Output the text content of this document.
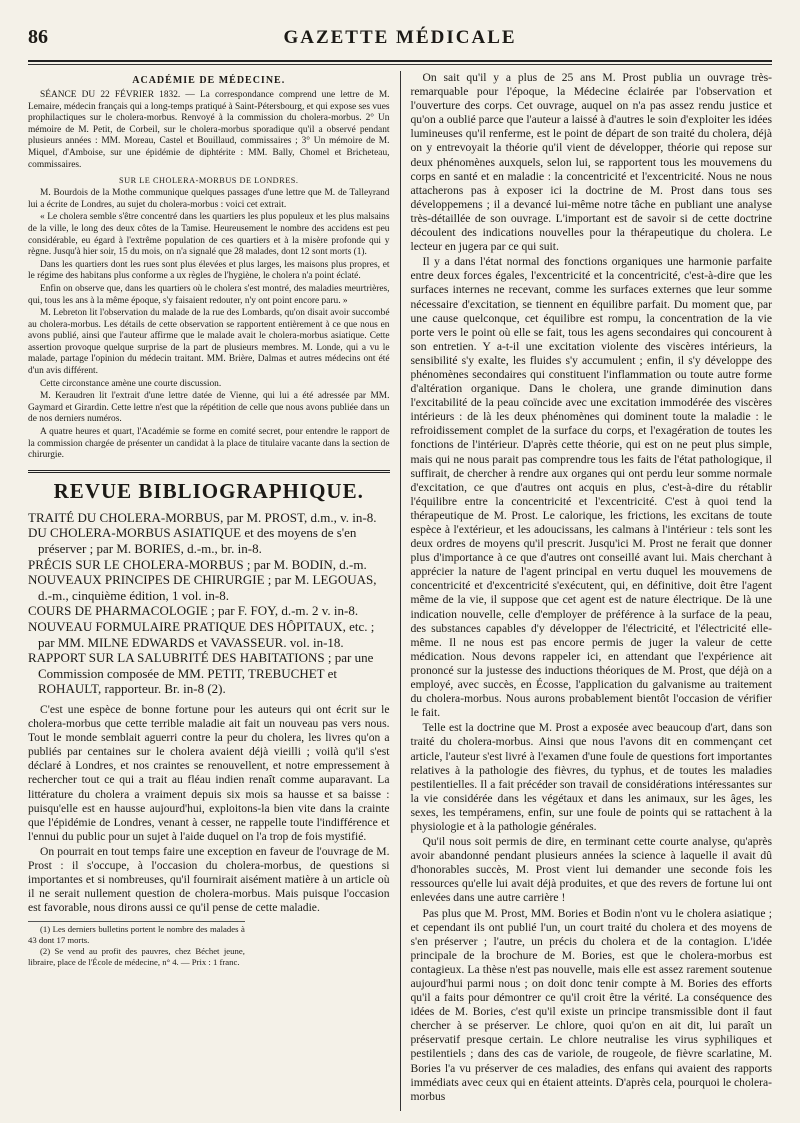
86	GAZETTE MÉDICALE
ACADÉMIE DE MÉDECINE.

SÉANCE DU 22 FÉVRIER 1832. — La correspondance comprend une lettre de M. Lemaire, médecin français qui a long-temps pratiqué à Saint-Pétersbourg, et qui expose ses vues prophilactiques sur le cholera-morbus. Renvoyé à la commission du cholera-morbus. 2° Un mémoire de M. Petit, de Corbeil, sur le cholera-morbus sporadique qu'il a observé pendant plusieurs années : MM. Moreau, Castel et Bouillaud, commissaires ; 3° Un mémoire de M. Miquel, d'Amboise, sur une épidémie de diphtérite : MM. Bally, Chomel et Bricheteau, commissaires.

SUR LE CHOLERA-MORBUS DE LONDRES.

M. Bourdois de la Mothe communique quelques passages d'une lettre que M. de Talleyrand lui a écrite de Londres, au sujet du cholera-morbus : voici cet extrait.

« Le cholera semble s'être concentré dans les quartiers les plus populeux et les plus malsains de la ville, le long des deux côtes de la Tamise. Heureusement le nombre des accidens est peu considérable, eu égard à l'extrême population de ces quartiers et à la misère profonde qui y règne. Jusqu'à hier soir, 15 du mois, on n'a signalé que 28 malades, dont 12 sont morts (1).

Dans les quartiers dont les rues sont plus élevées et plus larges, les maisons plus propres, et le régime des habitans plus conforme a ux règles de l'hygiène, le cholera n'a point éclaté.

Enfin on observe que, dans les quartiers où le cholera s'est montré, des maladies meurtrières, qui, tous les ans à la même époque, s'y faisaient redouter, n'y ont point encore paru. »

M. Lebreton lit l'observation du malade de la rue des Lombards, qu'on disait avoir succombé au cholera-morbus. Les détails de cette observation se rapportent entièrement à ce que nous en avons publié, ainsi que l'auteur affirme que le malade avait le cholera-morbus asiatique. Cette assertion provoque quelque surprise de la part de plusieurs membres. M. Londe, qui a vu le malade, partage l'opinion du médecin traitant. MM. Brière, Dalmas et autres médecins ont été d'un avis différent.

Cette circonstance amène une courte discussion.

M. Keraudren lit l'extrait d'une lettre datée de Vienne, qui lui a été adressée par MM. Gaymard et Girardin. Cette lettre n'est que la répétition de celle que nous avons publiée dans un de nos derniers numéros.

A quatre heures et quart, l'Académie se forme en comité secret, pour entendre le rapport de la commission chargée de présenter un candidat à la place de titulaire vacante dans la section de chirurgie.

REVUE BIBLIOGRAPHIQUE.

TRAITÉ DU CHOLERA-MORBUS, par M. PROST, d.m., v. in-8.

DU CHOLERA-MORBUS ASIATIQUE et des moyens de s'en préserver ; par M. BORIES, d.-m., br. in-8.

PRÉCIS SUR LE CHOLERA-MORBUS ; par M. BODIN, d.-m.

NOUVEAUX PRINCIPES DE CHIRURGIE ; par M. LEGOUAS, d.-m., cinquième édition, 1 vol. in-8.

COURS DE PHARMACOLOGIE ; par F. FOY, d.-m. 2 v. in-8.

NOUVEAU FORMULAIRE PRATIQUE DES HÔPITAUX, etc. ; par MM. MILNE EDWARDS et VAVASSEUR. vol. in-18.

RAPPORT SUR LA SALUBRITÉ DES HABITATIONS ; par une Commission composée de MM. PETIT, TREBUCHET et ROHAULT, rapporteur. Br. in-8 (2).

C'est une espèce de bonne fortune pour les auteurs qui ont écrit sur le cholera-morbus que cette terrible maladie ait fait un nouveau pas vers nous. Tout le monde semblait aguerri contre la peur du cholera, les livres qu'on a publiés par centaines sur le cholera avaient déjà vieilli ; voilà qu'il s'est déclaré à Londres, et nos craintes se renouvellent, et notre empressement à rechercher tout ce qui a trait au fléau indien renaît comme auparavant. La littérature du cholera a vraiment depuis six mois sa hausse et sa baisse : puisqu'elle est en hausse aujourd'hui, exploitons-la bien vite dans la crainte que l'épidémie de Londres, venant à cesser, ne rappelle toute l'indifférence et l'ennui du public pour un sujet à l'aide duquel on l'a trop de fois mystifié.

On pourrait en tout temps faire une exception en faveur de l'ouvrage de M. Prost : il s'occupe, à l'occasion du cholera-morbus, de questions si importantes et si nombreuses, qu'il fournirait aisément matière à un article où il ne serait nullement question de cholera-morbus. Mais puisque l'occasion est favorable, nous dirons aussi ce qu'il pense de cette maladie.

(1) Les derniers bulletins portent le nombre des malades à 43 dont 17 morts.

(2) Se vend au profit des pauvres, chez Béchet jeune, libraire, place de l'École de médecine, n° 4. — Prix : 1 franc.

On sait qu'il y a plus de 25 ans M. Prost publia un ouvrage très-remarquable pour l'époque, la Médecine éclairée par l'observation et l'ouverture des corps. Cet ouvrage, auquel on n'a pas assez rendu justice et qu'on a oublié parce que l'auteur a laissé à d'autres le soin d'exploiter les idées lumineuses qu'il renferme, est le point de départ de son traité du cholera, déjà on y entrevoyait la théorie qu'il vient de développer, théorie qui repose sur deux phénomènes auxquels, selon lui, se rapportent tous les mouvemens du corps en santé et en maladie : la concentricité et l'excentricité. Nous ne nous attacherons pas à exposer ici la doctrine de M. Prost dans tous ses développemens ; il a devancé lui-même notre tâche en publiant une analyse très-détaillée de son ouvrage. L'important est de savoir si de cette doctrine découlent des indications nouvelles pour la thérapeutique du cholera. Le lecteur en jugera par ce qui suit.

Il y a dans l'état normal des fonctions organiques une harmonie parfaite entre deux forces égales, l'excentricité et la concentricité, c'est-à-dire que les surfaces internes ne recevant, comme les surfaces externes que leur somme nécessaire d'excitation, se tiennent en équilibre parfait. Du moment que, par une cause quelconque, cet équilibre est rompu, la concentration de la vie porte vers le point où elle se fait, tous les agens secondaires qui concourent à son entretien. Y a-t-il une excitation violente des viscères intérieurs, la sensibilité s'y exalte, les fluides s'y accumulent ; enfin, il s'y développe des phénomènes secondaires qui constituent l'inflammation ou toute autre forme d'altération organique. Dans le cholera, une grande diminution dans l'excitabilité de la peau coïncide avec une excitation immodérée des viscères intérieurs : de là les deux phénomènes qui dominent toute la maladie : le refroidissement complet de la surface du corps, et l'exagération de toutes les fonctions de l'intérieur. D'après cette théorie, qui est on ne peut plus simple, mais qui ne nous parait pas comprendre tous les faits de l'état pathologique, il suffirait, de chercher à rendre aux organes qui ont perdu leur somme normale d'excitation, ce que d'autres ont acquis en plus, c'est-à-dire du rétablir l'équilibre entre la concentricité et l'excentricité. C'est à quoi tend la thérapeutique de M. Prost. Le calorique, les frictions, les excitans de toute espèce à l'extérieur, et les adoucissans, les calmans à l'intérieur : tels sont les deux ordres de moyens qu'il prescrit. Jusqu'ici M. Prost ne ferait que donner plus d'importance à ce que d'autres ont conseillé avant lui. Mais cherchant à apprécier la nature de l'agent principal en vertu duquel les mouvemens de concentricité et d'excentricité s'exécutent, qui, en définitive, doit être l'agent même de la vie, il suppose que cet agent est de nature électrique. De là une indication nouvelle, celle d'employer de préférence à la surface de la peau, des substances capables d'y développer de l'électricité, et l'électricité elle-même. Il ne nous est pas encore permis de juger la valeur de cette médication. Nous devons rappeler ici, en attendant que l'expérience ait prononcé sur la justesse des inductions théoriques de M. Prost, que déjà on a employé, avec succès, en Écosse, l'application du galvanisme au traitement du cholera-morbus. Nous aurons probablement bientôt l'occasion de vérifier le fait.

Telle est la doctrine que M. Prost a exposée avec beaucoup d'art, dans son traité du cholera-morbus. Ainsi que nous l'avons dit en commençant cet article, l'auteur s'est livré à l'examen d'une foule de questions fort importantes relatives à la pathologie des fièvres, du typhus, et de toutes les maladies pestilentielles. Il a fait précéder son travail de considérations intéressantes sur la vie considérée dans les végétaux et dans les animaux, sur les âges, les sexes, les tempéramens, enfin, sur une foule de points qui se rattachent à la physiologie et à la pathologie générales.

Qu'il nous soit permis de dire, en terminant cette courte analyse, qu'après avoir abandonné pendant plusieurs années la science à laquelle il avait dû d'honorables succès, M. Prost vient lui demander une seconde fois les ressources qu'elle lui avait déjà produites, et que des revers de fortune lui ont enlevées dans une autre carrière !

Pas plus que M. Prost, MM. Bories et Bodin n'ont vu le cholera asiatique ; et cependant ils ont publié l'un, un court traité du cholera et des moyens de s'en préserver ; l'autre, un précis du cholera et de la contagion. L'idée principale de la brochure de M. Bories, est que le cholera-morbus est contagieux. La thèse n'est pas nouvelle, mais elle est assez rarement soutenue aujourd'hui parmi nous ; on doit donc tenir compte à M. Bories des efforts qu'il a faits pour démontrer ce qu'il croit être la vérité. La conséquence des idées de M. Bories, c'est qu'il existe un principe transmissible dont il faut chercher à se préserver. Le chlore, quoi qu'on en ait dit, lui paraît un préservatif presque certain. Le chlore neutralise les virus syphiliques et pestilentiels ; dans des cas de variole, de rougeole, de fièvre scarlatine, M. Bories l'a vu préserver de ces maladies, des enfans qui avaient des rapports immédiats avec ceux qui en étaient atteints. D'après cela, pourquoi le cholera-morbus
